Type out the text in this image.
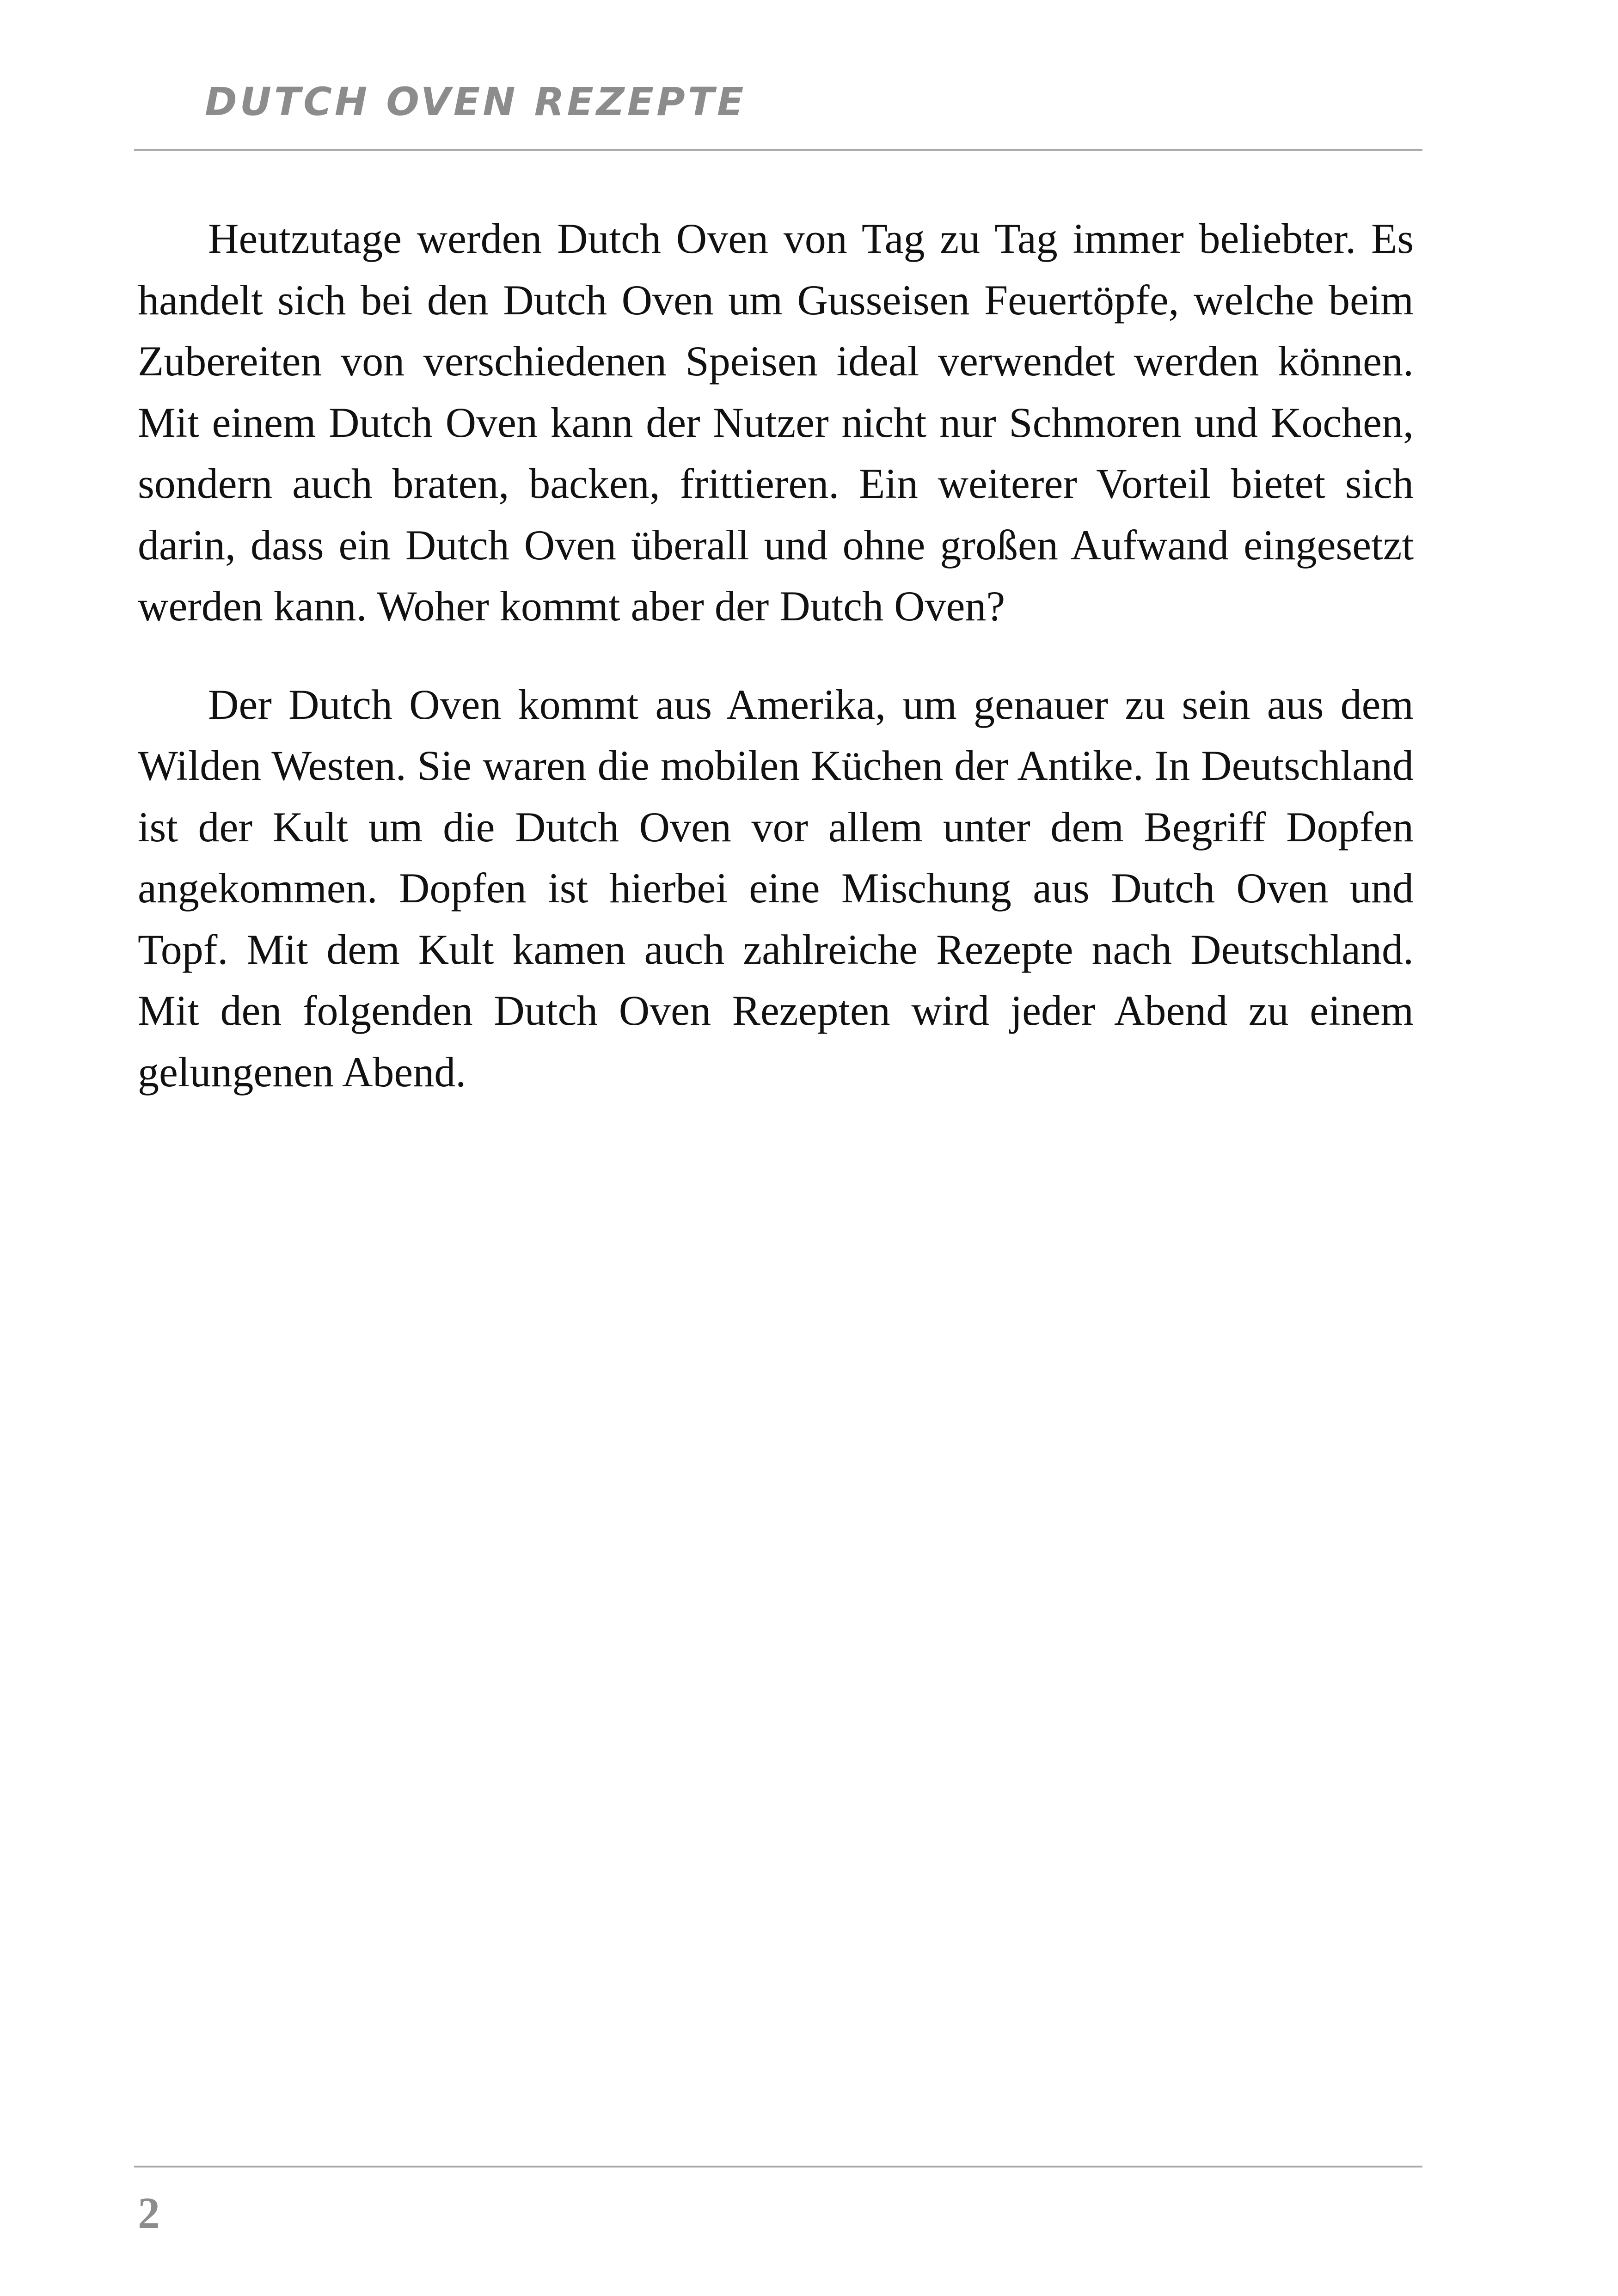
DUTCH OVEN REZEPTE

Heutzutage werden Dutch Oven von Tag zu Tag immer beliebter. Es handelt sich bei den Dutch Oven um Gusseisen Feuertöpfe, welche beim Zubereiten von verschiedenen Speisen ideal verwendet werden können. Mit einem Dutch Oven kann der Nutzer nicht nur Schmoren und Kochen, sondern auch braten, backen, frittieren. Ein weiterer Vorteil bietet sich darin, dass ein Dutch Oven überall und ohne großen Aufwand eingesetzt werden kann. Woher kommt aber der Dutch Oven?

Der Dutch Oven kommt aus Amerika, um genauer zu sein aus dem Wilden Westen. Sie waren die mobilen Küchen der Antike. In Deutschland ist der Kult um die Dutch Oven vor allem unter dem Begriff Dopfen angekommen. Dopfen ist hierbei eine Mischung aus Dutch Oven und Topf. Mit dem Kult kamen auch zahlreiche Rezepte nach Deutschland. Mit den folgenden Dutch Oven Rezepten wird jeder Abend zu einem gelungenen Abend.

2
